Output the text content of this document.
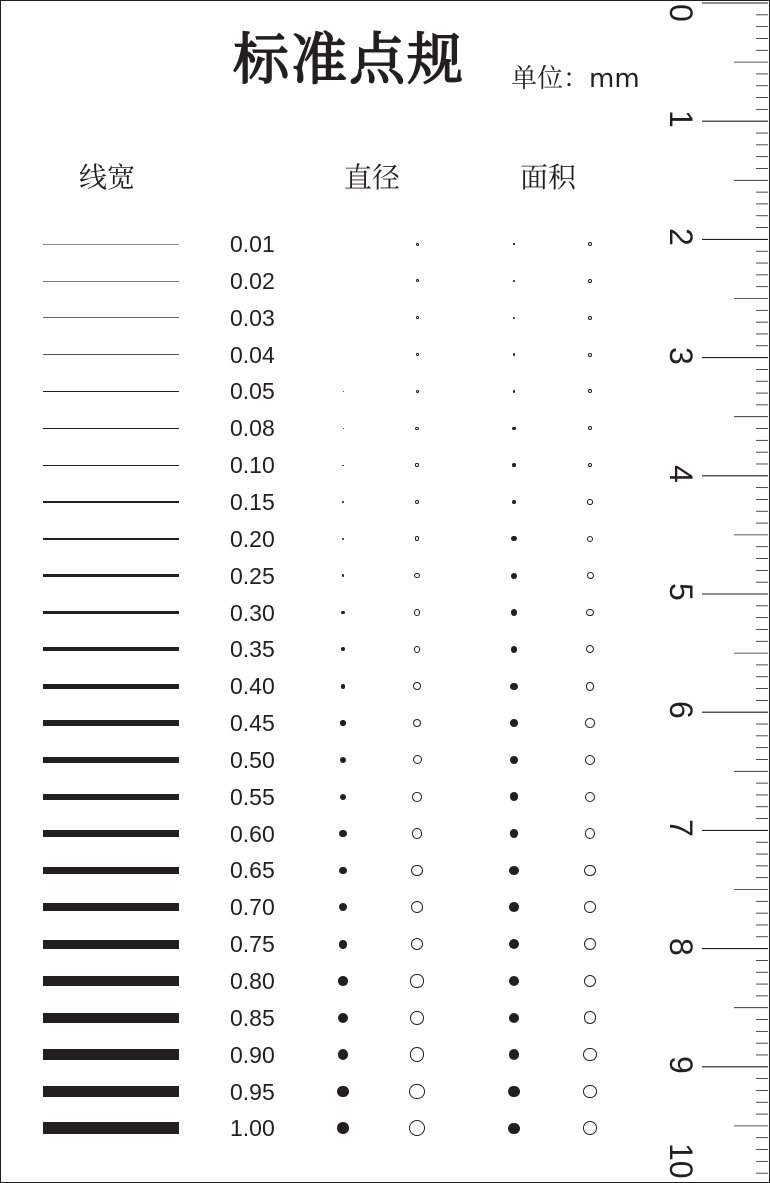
标准点规	单位：mm
线宽	直径	面积
0.01
0.02
0.03
0.04
0.05
0.08
0.10
0.15
0.20
0.25
0.30
0.35
0.40
0.45
0.50
0.55
0.60
0.65
0.70
0.75
0.80
0.85
0.90
0.95
1.00
0
1
2
3
4
5
6
7
8
9
10
